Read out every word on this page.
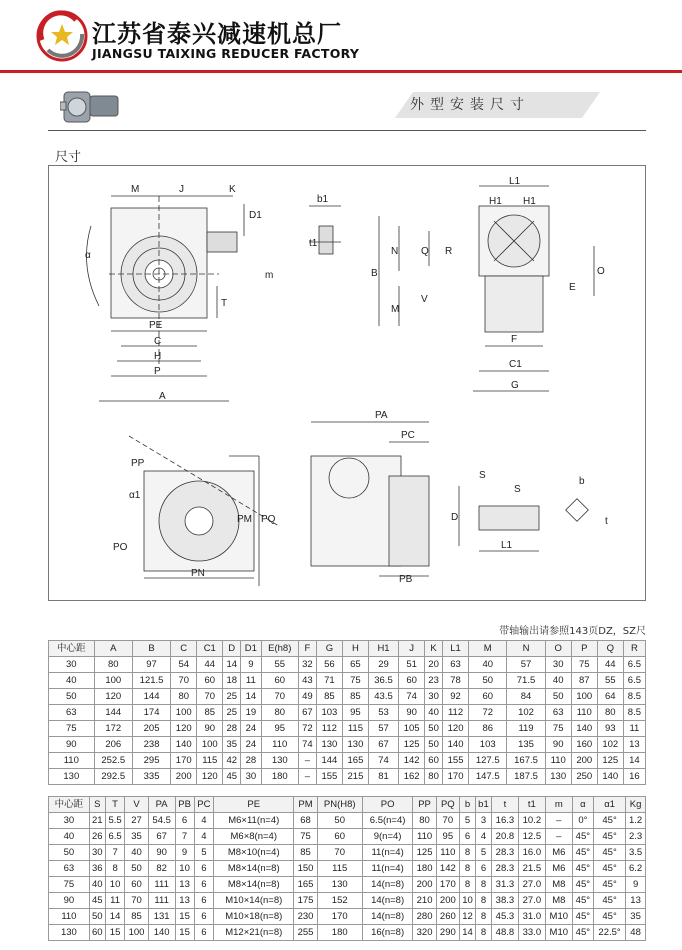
江苏省泰兴减速机总厂
JIANGSU TAIXING REDUCER FACTORY
外型安装尺寸
尺寸
M	J	K
D1
b1
t1
m
α
T
PE
C
H
P
A
L1
H1 H1
B
N Q R
O
M
V
E
F
C1
G
PA
PC
PP
α1
PM PQ
PO
PN
PB
S
S
b
D	t
L1
带轴输出请参照143页DZ，SZ尺
中心距	A	B	C	C1	D	D1	E(h8)	F	G	H	H1	J	K	L1	M	N	O	P	Q	R
30	80	97	54	44	14	9	55	32	56	65	29	51	20	63	40	57	30	75	44	6.5
40	100	121.5	70	60	18	11	60	43	71	75	36.5	60	23	78	50	71.5	40	87	55	6.5
50	120	144	80	70	25	14	70	49	85	85	43.5	74	30	92	60	84	50	100	64	8.5
63	144	174	100	85	25	19	80	67	103	95	53	90	40	112	72	102	63	110	80	8.5
75	172	205	120	90	28	24	95	72	112	115	57	105	50	120	86	119	75	140	93	11
90	206	238	140	100	35	24	110	74	130	130	67	125	50	140	103	135	90	160	102	13
110	252.5	295	170	115	42	28	130	–	144	165	74	142	60	155	127.5	167.5	110	200	125	14
130	292.5	335	200	120	45	30	180	–	155	215	81	162	80	170	147.5	187.5	130	250	140	16
中心距	S	T	V	PA	PB	PC	PE	PM	PN(H8)	PO	PP	PQ	b	b1	t	t1	m	α	α1	Kg
30	21	5.5	27	54.5	6	4	M6×11(n=4)	68	50	6.5(n=4)	80	70	5	3	16.3	10.2	–	0°	45°	1.2
40	26	6.5	35	67	7	4	M6×8(n=4)	75	60	9(n=4)	110	95	6	4	20.8	12.5	–	45°	45°	2.3
50	30	7	40	90	9	5	M8×10(n=4)	85	70	11(n=4)	125	110	8	5	28.3	16.0	M6	45°	45°	3.5
63	36	8	50	82	10	6	M8×14(n=8)	150	115	11(n=4)	180	142	8	6	28.3	21.5	M6	45°	45°	6.2
75	40	10	60	111	13	6	M8×14(n=8)	165	130	14(n=8)	200	170	8	8	31.3	27.0	M8	45°	45°	9
90	45	11	70	111	13	6	M10×14(n=8)	175	152	14(n=8)	210	200	10	8	38.3	27.0	M8	45°	45°	13
110	50	14	85	131	15	6	M10×18(n=8)	230	170	14(n=8)	280	260	12	8	45.3	31.0	M10	45°	45°	35
130	60	15	100	140	15	6	M12×21(n=8)	255	180	16(n=8)	320	290	14	8	48.8	33.0	M10	45°	22.5°	48
